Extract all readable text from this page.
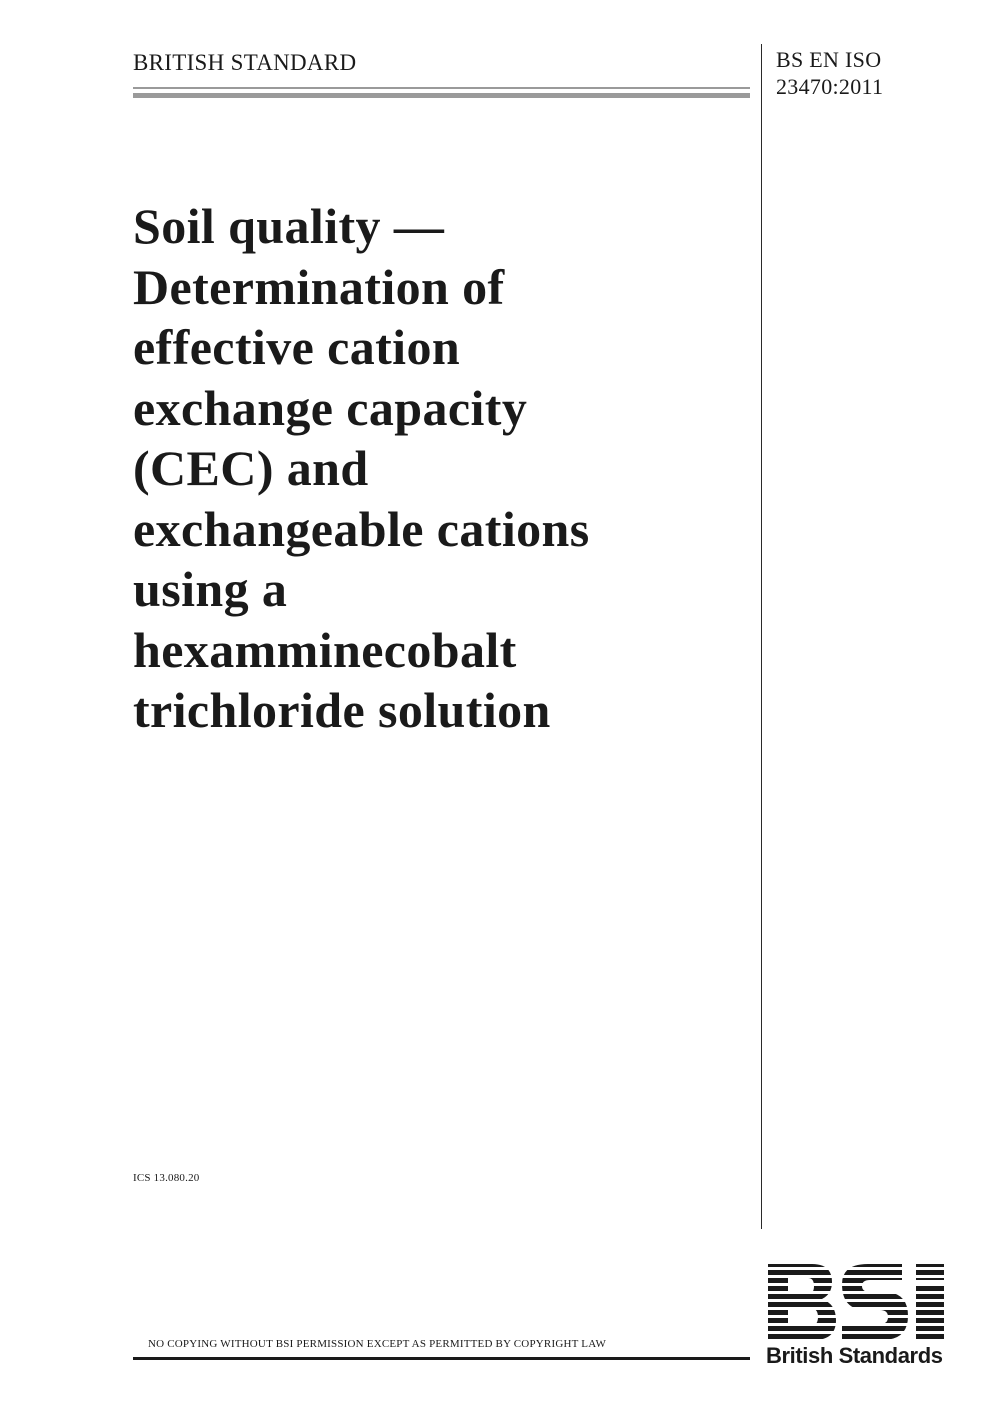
BRITISH STANDARD	BS EN ISO
23470:2011
Soil quality —
Determination of
effective cation
exchange capacity
(CEC) and
exchangeable cations
using a
hexamminecobalt
trichloride solution
ICS 13.080.20
NO COPYING WITHOUT BSI PERMISSION EXCEPT AS PERMITTED BY COPYRIGHT LAW	British Standards
